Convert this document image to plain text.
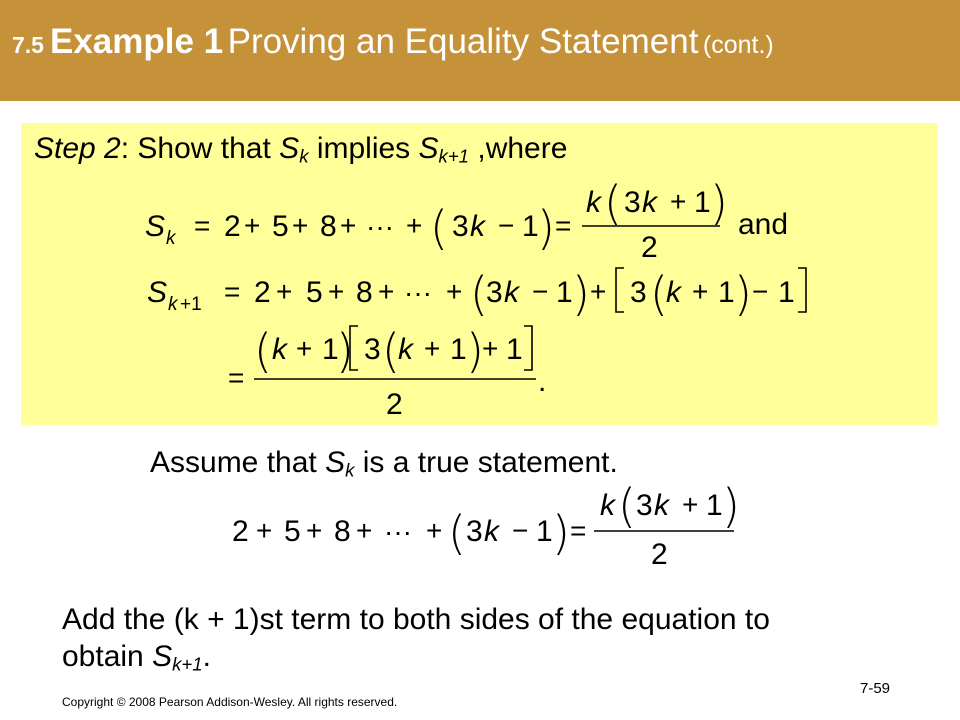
7.5 Example 1 Proving an Equality Statement (cont.)
Step 2: Show that $S_k$ implies $S_{k+1}$ ,where
S k = 2 + 5 + 8 + ··· + ( 3 k − 1
) =
k ( 3 k + 1 )
2
and
S k +1 = 2 + 5 + 8 + ··· + (
3 k − 1 ) + 3 (
k + 1 ) − 1
= ( k + 1
) 3 (
k + 1 )
+ 1
2
.
2 + 5 + 8 + ··· + ( 3 k − 1 ) =
k ( 3 k + 1 )
2
Assume that $S_k$ is a true statement.
Add the (k + 1)st term to both sides of the equation to
obtain $S_{k+1}$.
Copyright © 2008 Pearson Addison-Wesley. All rights reserved.
7-59
